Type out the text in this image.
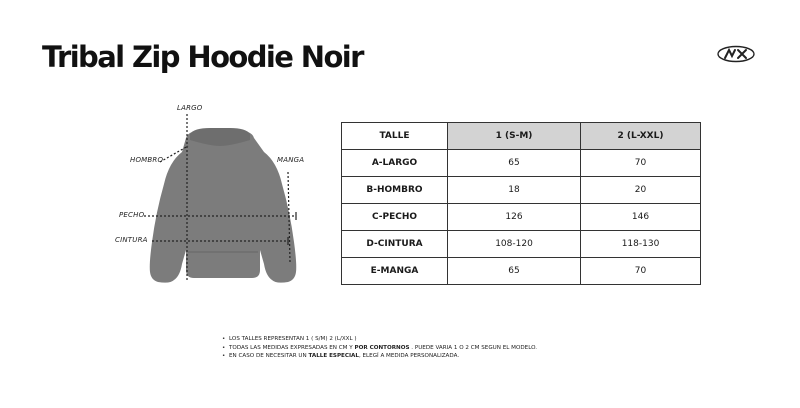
Tribal Zip Hoodie Noir
LARGO
HOMBRO	MANGA
PECHO
CINTURA
TALLE	1 (S-M)	2 (L-XXL)
A-LARGO	65	70
B-HOMBRO	18	20
C-PECHO	126	146
D-CINTURA	108-120	118-130
E-MANGA	65	70
• LOS TALLES REPRESENTAN 1 ( S/M) 2 (L/XXL )
• TODAS LAS MEDIDAS EXPRESADAS EN CM Y POR CONTORNOS . PUEDE VARIA 1 O 2 CM SEGUN EL MODELO.
• EN CASO DE NECESITAR UN TALLE ESPECIAL, ELEGÍ A MEDIDA PERSONALIZADA.
